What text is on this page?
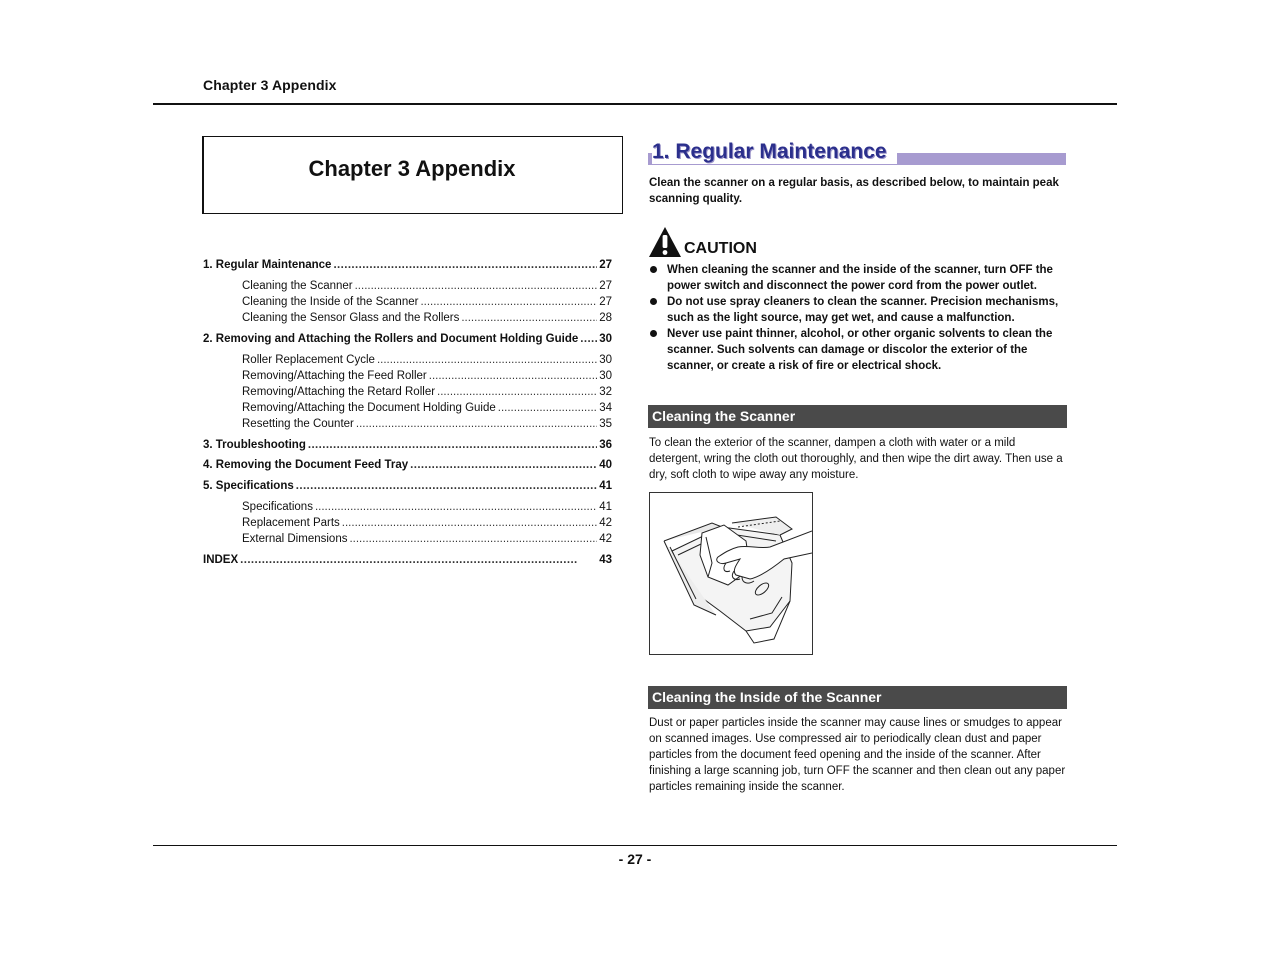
Chapter 3 Appendix
Chapter 3 Appendix
1. Regular Maintenance . . .	27
Cleaning the Scanner .....	27
Cleaning the Inside of the Scanner .....	27
Cleaning the Sensor Glass and the Rollers .....	28
2. Removing and Attaching the Rollers and Document Holding Guide . . . 30
Roller Replacement Cycle .....	30
Removing/Attaching the Feed Roller .....	30
Removing/Attaching the Retard Roller .....	32
Removing/Attaching the Document Holding Guide .....	34
Resetting the Counter .....	35
3. Troubleshooting . . .	36
4. Removing the Document Feed Tray . . .	40
5. Specifications . . .	41
Specifications .....	41
Replacement Parts .....	42
External Dimensions .....	42
INDEX . . .	43
1. Regular Maintenance
Clean the scanner on a regular basis, as described below, to maintain peak scanning quality.
CAUTION
When cleaning the scanner and the inside of the scanner, turn OFF the power switch and disconnect the power cord from the power outlet.
Do not use spray cleaners to clean the scanner. Precision mechanisms, such as the light source, may get wet, and cause a malfunction.
Never use paint thinner, alcohol, or other organic solvents to clean the scanner. Such solvents can damage or discolor the exterior of the scanner, or create a risk of fire or electrical shock.
Cleaning the Scanner
To clean the exterior of the scanner, dampen a cloth with water or a mild detergent, wring the cloth out thoroughly, and then wipe the dirt away. Then use a dry, soft cloth to wipe away any moisture.
Cleaning the Inside of the Scanner
Dust or paper particles inside the scanner may cause lines or smudges to appear on scanned images. Use compressed air to periodically clean dust and paper particles from the document feed opening and the inside of the scanner. After finishing a large scanning job, turn OFF the scanner and then clean out any paper particles remaining inside the scanner.
- 27 -
